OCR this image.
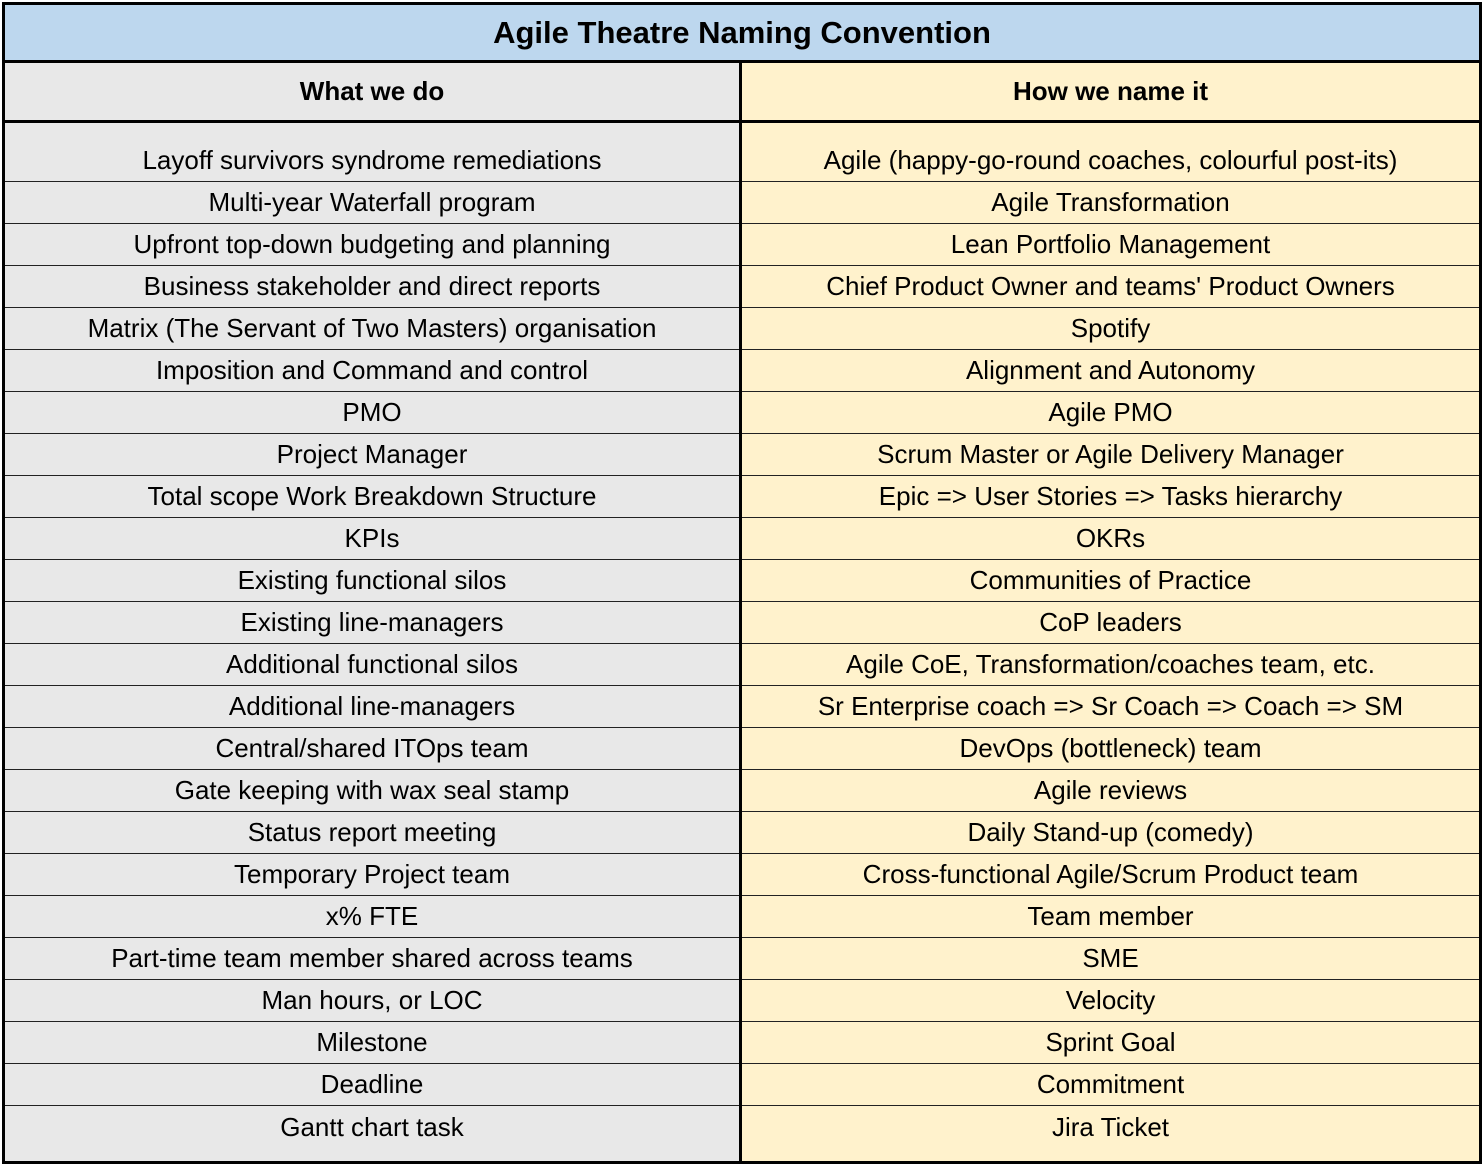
Agile Theatre Naming Convention
What we do	How we name it
Layoff survivors syndrome remediations
Multi-year Waterfall program
Upfront top-down budgeting and planning
Business stakeholder and direct reports
Matrix (The Servant of Two Masters) organisation
Imposition and Command and control
PMO
Project Manager
Total scope Work Breakdown Structure
KPIs
Existing functional silos
Existing line-managers
Additional functional silos
Additional line-managers
Central/shared ITOps team
Gate keeping with wax seal stamp
Status report meeting
Temporary Project team
x% FTE
Part-time team member shared across teams
Man hours, or LOC
Milestone
Deadline
Gantt chart task
Agile (happy-go-round coaches, colourful post-its)
Agile Transformation
Lean Portfolio Management
Chief Product Owner and teams' Product Owners
Spotify
Alignment and Autonomy
Agile PMO
Scrum Master or Agile Delivery Manager
Epic => User Stories => Tasks hierarchy
OKRs
Communities of Practice
CoP leaders
Agile CoE, Transformation/coaches team, etc.
Sr Enterprise coach => Sr Coach => Coach => SM
DevOps (bottleneck) team
Agile reviews
Daily Stand-up (comedy)
Cross-functional Agile/Scrum Product team
Team member
SME
Velocity
Sprint Goal
Commitment
Jira Ticket
